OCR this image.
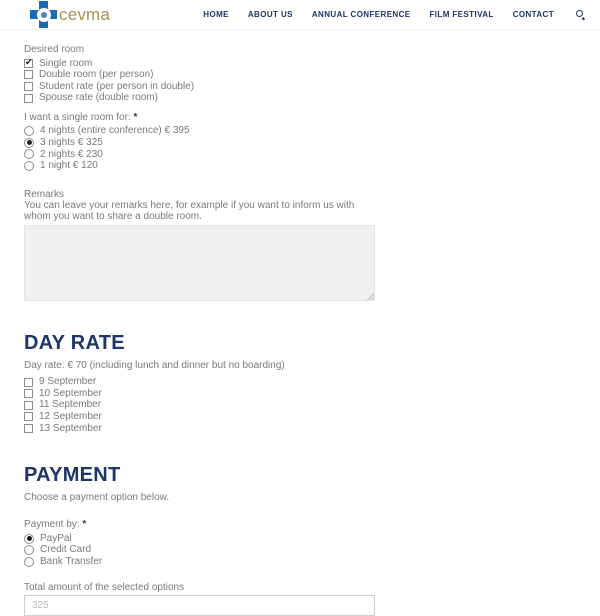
cevma	HOME ABOUT US ANNUAL CONFERENCE FILM FESTIVAL CONTACT
Desired room
✔
Single room
Double room (per person)
Student rate (per person in double)
Spouse rate (double room)
I want a single room for: *
4 nights (entire conference) € 395
3 nights € 325
2 nights € 230
1 night € 120
Remarks
You can leave your remarks here, for example if you want to inform us with whom you want to share a double room.
DAY RATE
Day rate: € 70 (including lunch and dinner but no boarding)
9 September
10 September
11 September
12 September
13 September
PAYMENT
Choose a payment option below.
Payment by: *
PayPal
Credit Card
Bank Transfer
Total amount of the selected options
325
